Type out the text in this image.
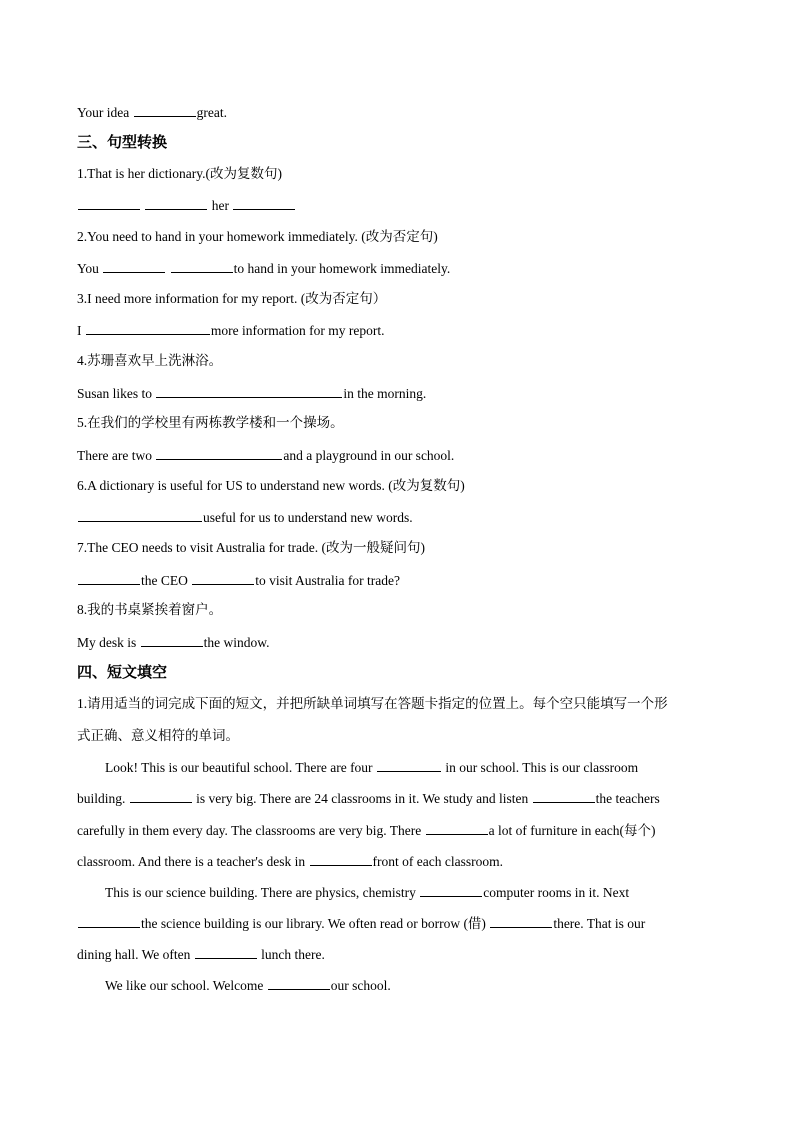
Your idea	great.
三、句型转换
1.That is her dictionary.(改为复数句)
her
2.You need to hand in your homework immediately. (改为否定句)
You	to hand in your homework immediately.
3.I need more information for my report. (改为否定句）
I	more information for my report.
4.苏珊喜欢早上洗淋浴。
Susan likes to	in the morning.
5.在我们的学校里有两栋教学楼和一个操场。
There are two	and a playground in our school.
6.A dictionary is useful for US to understand new words. (改为复数句)
useful for us to understand new words.
7.The CEO needs to visit Australia for trade. (改为一般疑问句)
the CEO	to visit Australia for trade?
8.我的书桌紧挨着窗户。
My desk is	the window.
四、短文填空
1.请用适当的词完成下面的短文，并把所缺单词填写在答题卡指定的位置上。每个空只能填写一个形
式正确、意义相符的单词。
Look! This is our beautiful school. There are four	in our school. This is our classroom
building.	is very big. There are 24 classrooms in it. We study and listen	the teachers
carefully in them every day. The classrooms are very big. There	a lot of furniture in each(每个)
classroom. And there is a teacher's desk in	front of each classroom.
This is our science building. There are physics, chemistry	computer rooms in it. Next
the science building is our library. We often read or borrow (借)	there. That is our
dining hall. We often	lunch there.
We like our school. Welcome	our school.
